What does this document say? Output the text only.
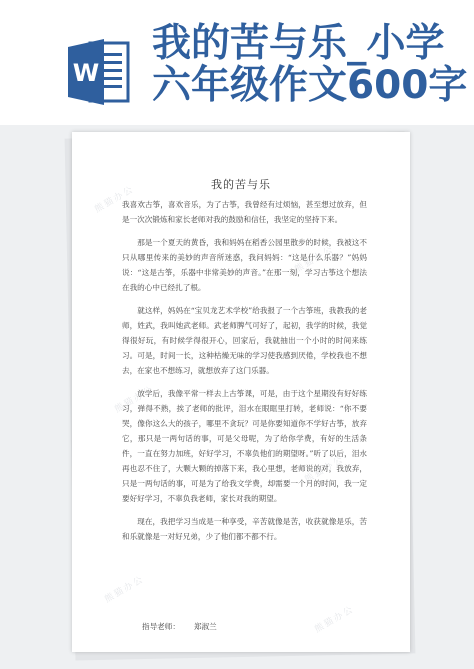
W
我的苦与乐_小学
六年级作文600字
熊猫办公
熊猫办公
熊猫办公
熊猫办公
熊猫办公
熊猫办公
我的苦与乐

我喜欢古筝，喜欢音乐，为了古筝，我曾经有过烦恼，甚至想过放弃，但是一次次锻炼和家长老师对我的鼓励和信任，我坚定的坚持下来。

那是一个夏天的黄昏，我和妈妈在稻香公园里散步的时候，我被这不只从哪里传来的美妙的声音所迷惑，我问妈妈：“这是什么乐器？”妈妈说：“这是古筝，乐器中非常美妙的声音。”在那一刻，学习古筝这个想法在我的心中已经扎了根。

就这样，妈妈在“宝贝龙艺术学校”给我报了一个古筝班，我教我的老师，姓武，我叫她武老师。武老师脾气可好了，起初，我学的时候，我觉得很好玩，有时候学得很开心，回家后，我就抽出一个小时的时间来练习。可是，时间一长，这种枯燥无味的学习使我感到厌倦，学校我也不想去，在家也不想练习，就想放弃了这门乐器。

放学后，我像平常一样去上古筝课，可是，由于这个星期没有好好练习，弹得不熟，挨了老师的批评，泪水在眼眶里打转，老师说：“你不要哭，像你这么大的孩子，哪里不贪玩？可是你要知道你不学好古筝，放弃它，那只是一两句话的事，可是父母呢，为了给你学费，有好的生活条件，一直在努力加班，好好学习，不辜负他们的期望呀。”听了以后，泪水再也忍不住了，大颗大颗的掉落下来，我心里想，老师说的对，我放弃，只是一两句话的事，可是为了给我文学费，却需要一个月的时间，我一定要好好学习，不辜负我老师，家长对我的期望。

现在，我把学习当成是一种享受，辛苦就像是苦，收获就像是乐，苦和乐就像是一对好兄弟，少了他们都不都不行。

指导老师： 郑淑兰
